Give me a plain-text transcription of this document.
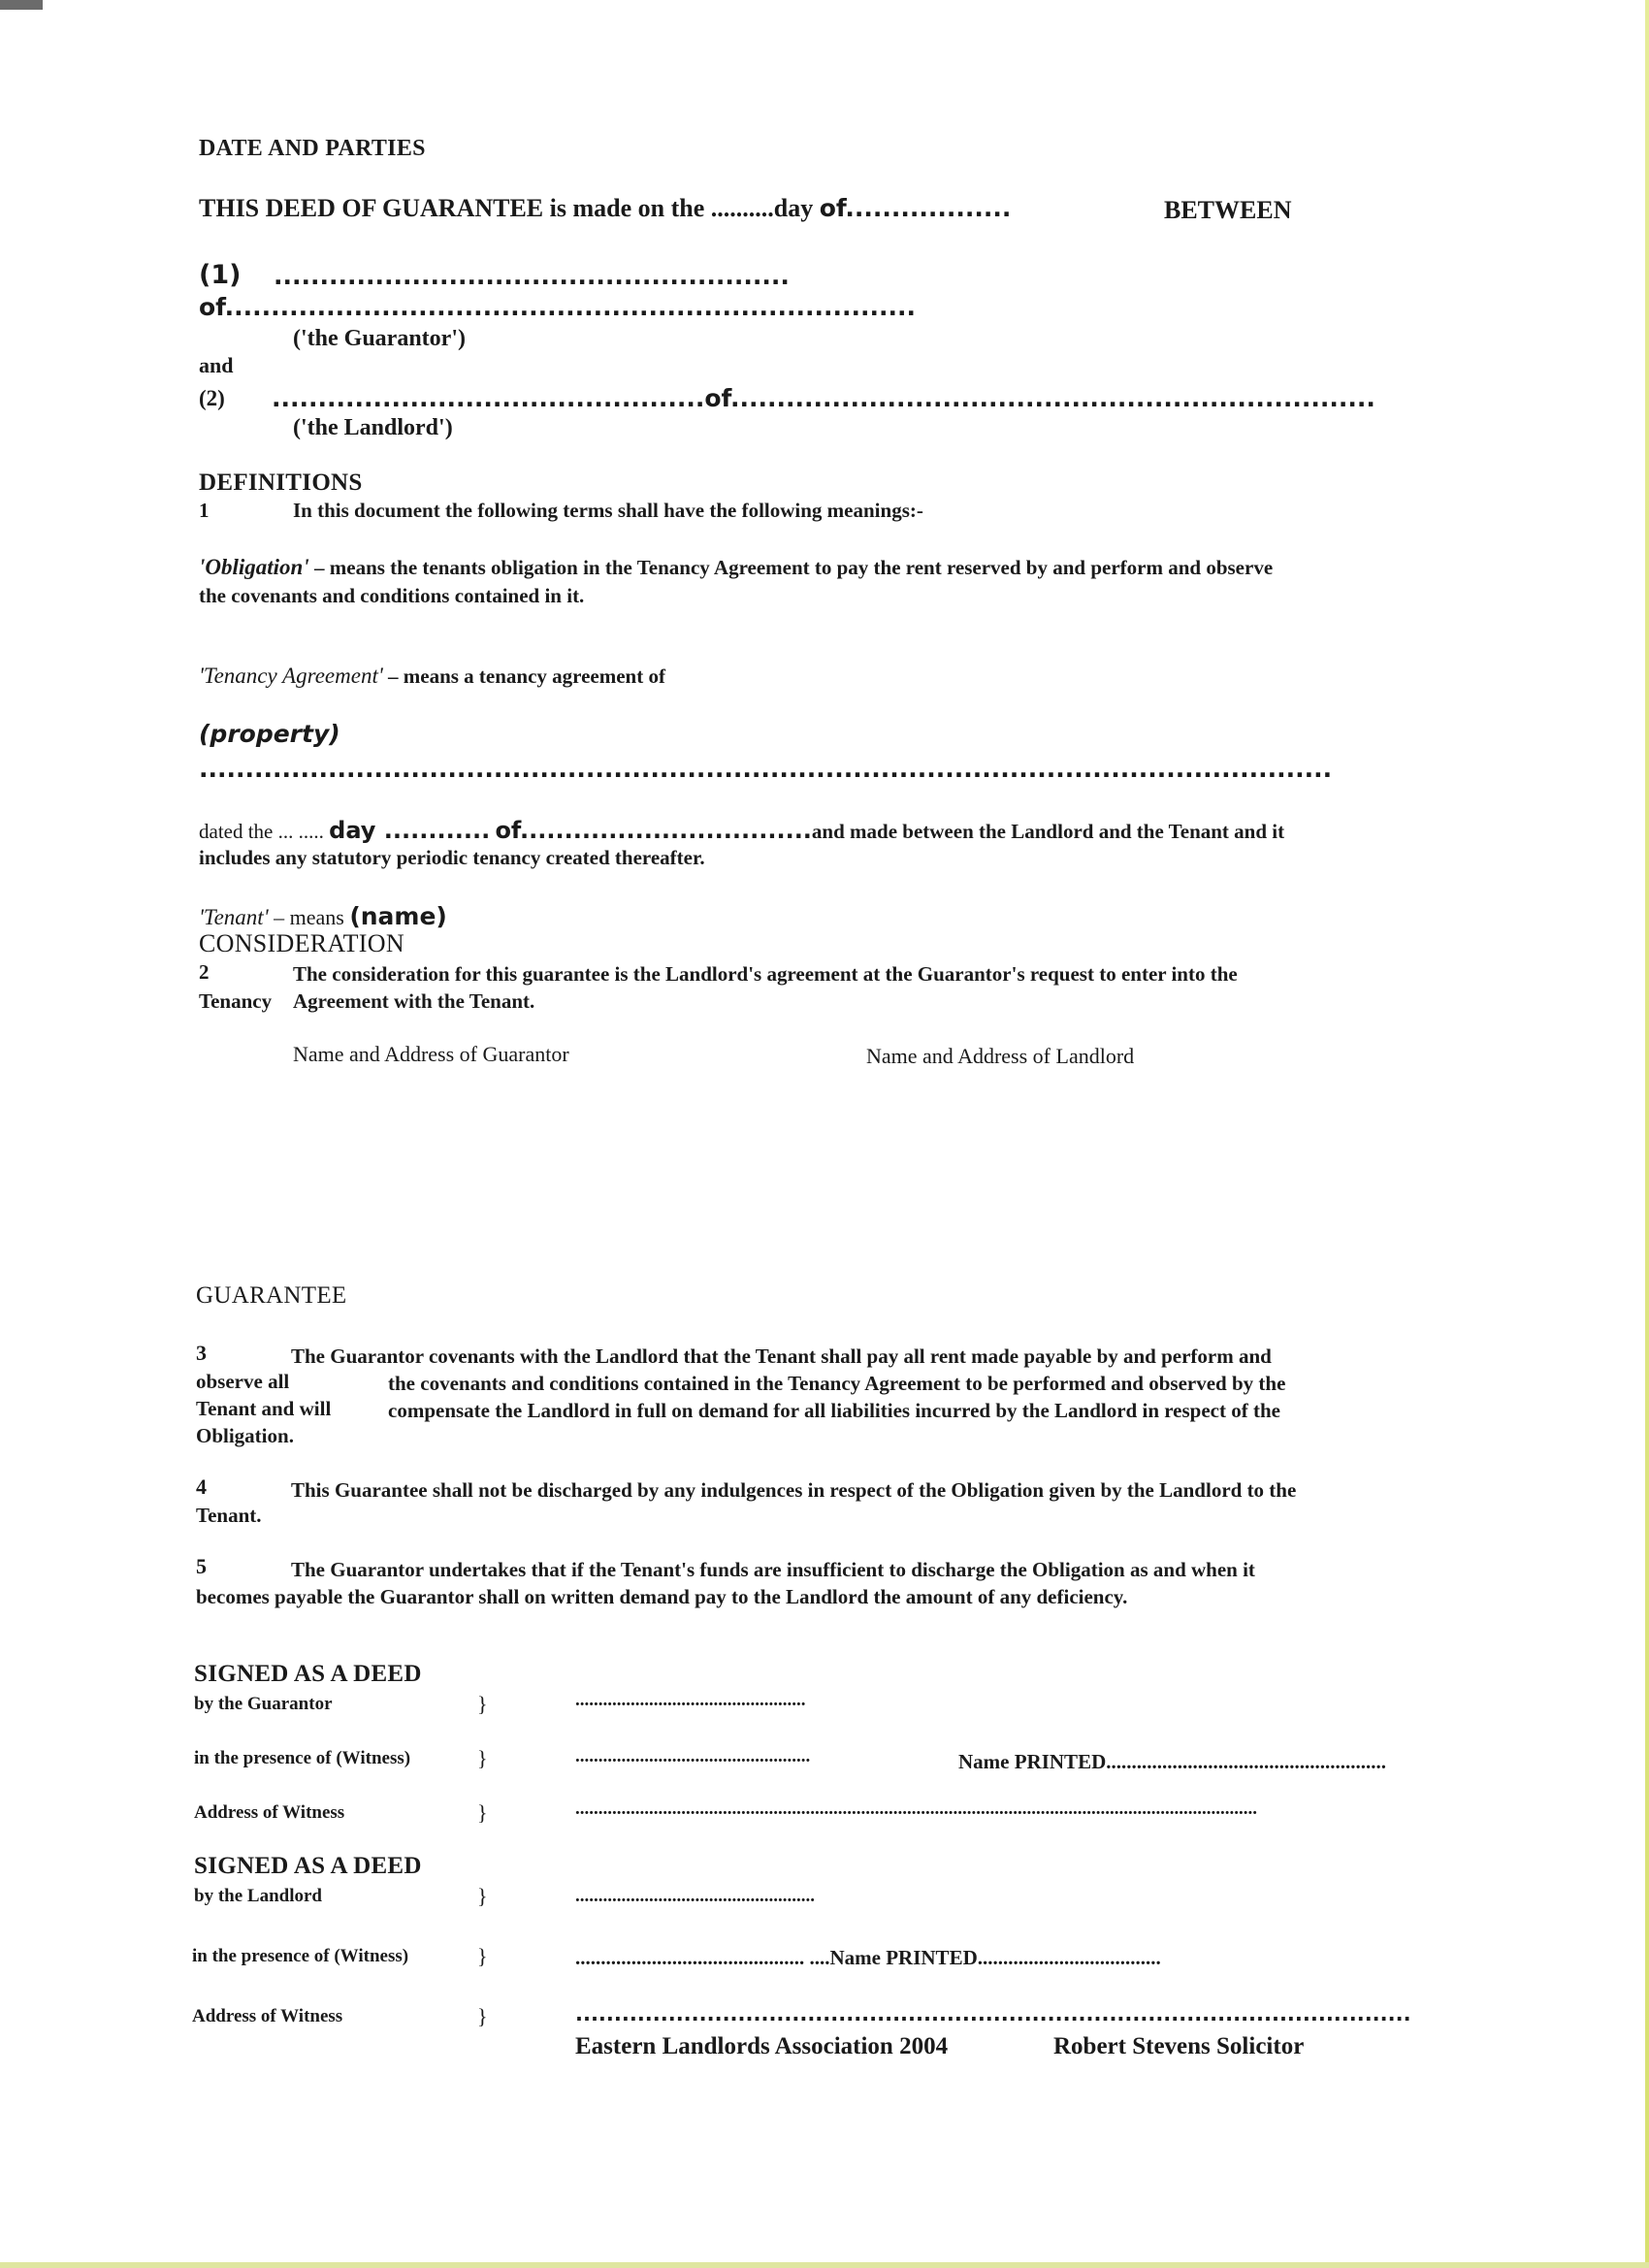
DATE AND PARTIES
THIS DEED OF GUARANTEE is made on the ..........day of..................	BETWEEN
(1) ........................................................
of...........................................................................
('the Guarantor')
and
(2) ...............................................of......................................................................
('the Landlord')
DEFINITIONS
1	In this document the following terms shall have the following meanings:-
'Obligation' – means the tenants obligation in the Tenancy Agreement to pay the rent reserved by and perform and observe
the covenants and conditions contained in it.
'Tenancy Agreement' – means a tenancy agreement of
(property)
...........................................................................................................................
dated the ... ..... day ............ of.................................and made between the Landlord and the Tenant and it
includes any statutory periodic tenancy created thereafter.
'Tenant' – means (name)
CONSIDERATION
2	The consideration for this guarantee is the Landlord's agreement at the Guarantor's request to enter into the
Tenancy Agreement with the Tenant.
Name and Address of Guarantor	Name and Address of Landlord
GUARANTEE
3	The Guarantor covenants with the Landlord that the Tenant shall pay all rent made payable by and perform and
observe all	the covenants and conditions contained in the Tenancy Agreement to be performed and observed by the
Tenant and will	compensate the Landlord in full on demand for all liabilities incurred by the Landlord in respect of the
Obligation.
4	This Guarantee shall not be discharged by any indulgences in respect of the Obligation given by the Landlord to the
Tenant.
5	The Guarantor undertakes that if the Tenant's funds are insufficient to discharge the Obligation as and when it
becomes payable the Guarantor shall on written demand pay to the Landlord the amount of any deficiency.
SIGNED AS A DEED
by the Guarantor	}	..................................................
in the presence of (Witness)	}	...................................................	Name PRINTED.......................................................
Address of Witness	}	....................................................................................................................................................
SIGNED AS A DEED
by the Landlord	}	....................................................
in the presence of (Witness)	}	............................................. ....Name PRINTED....................................
Address of Witness	}	............................................................................................................
Eastern Landlords Association 2004	Robert Stevens Solicitor
